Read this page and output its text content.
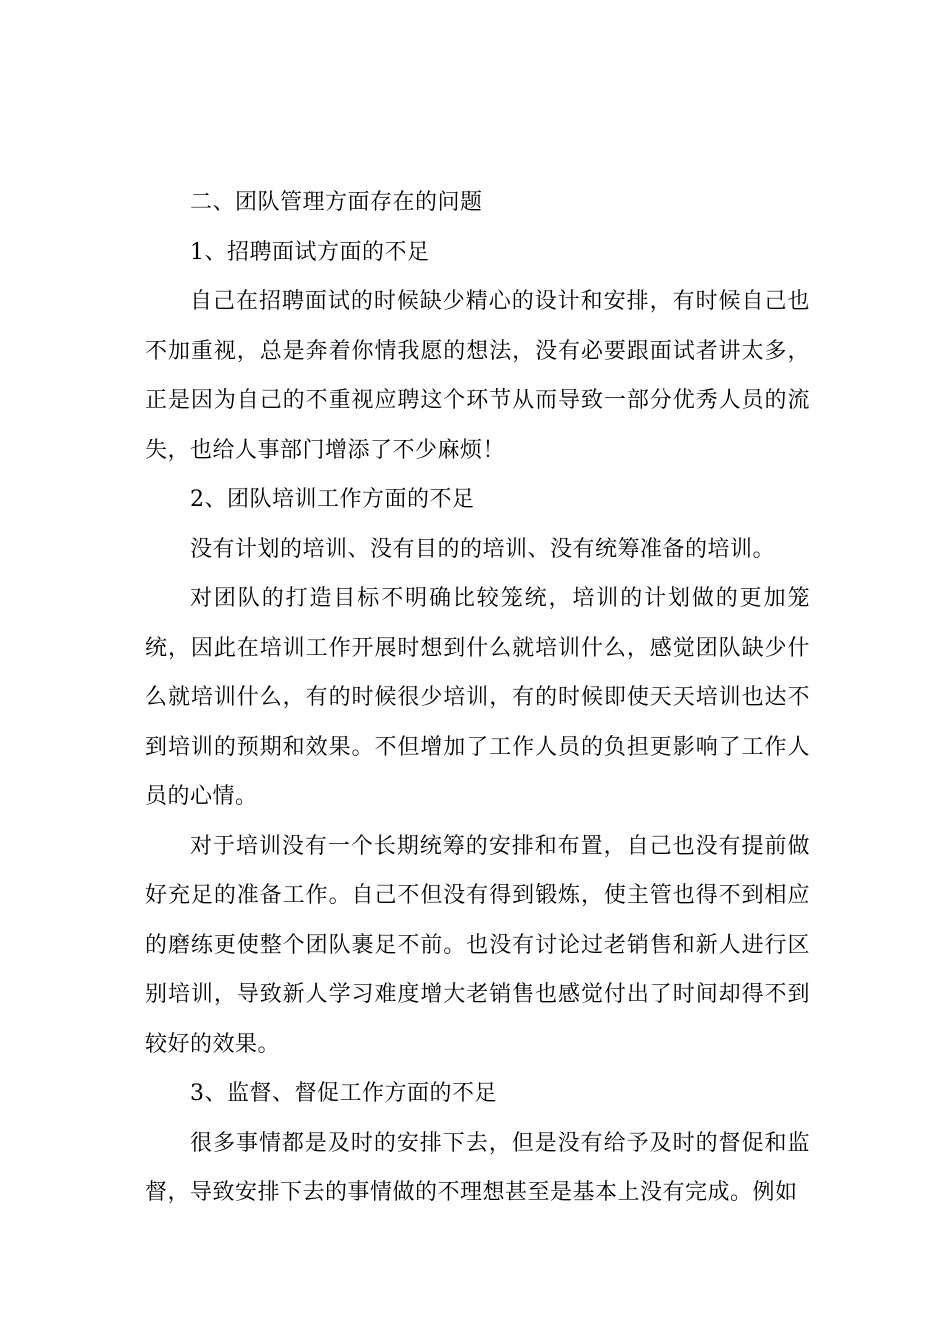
二、团队管理方面存在的问题

1、招聘面试方面的不足

自己在招聘面试的时候缺少精心的设计和安排，有时候自己也不加重视，总是奔着你情我愿的想法，没有必要跟面试者讲太多，正是因为自己的不重视应聘这个环节从而导致一部分优秀人员的流失，也给人事部门增添了不少麻烦！

2、团队培训工作方面的不足

没有计划的培训、没有目的的培训、没有统筹准备的培训。

对团队的打造目标不明确比较笼统，培训的计划做的更加笼统，因此在培训工作开展时想到什么就培训什么，感觉团队缺少什么就培训什么，有的时候很少培训，有的时候即使天天培训也达不到培训的预期和效果。不但增加了工作人员的负担更影响了工作人员的心情。

对于培训没有一个长期统筹的安排和布置，自己也没有提前做好充足的准备工作。自己不但没有得到锻炼，使主管也得不到相应的磨练更使整个团队裹足不前。也没有讨论过老销售和新人进行区别培训，导致新人学习难度增大老销售也感觉付出了时间却得不到较好的效果。

3、监督、督促工作方面的不足

很多事情都是及时的安排下去，但是没有给予及时的督促和监督，导致安排下去的事情做的不理想甚至是基本上没有完成。例如
